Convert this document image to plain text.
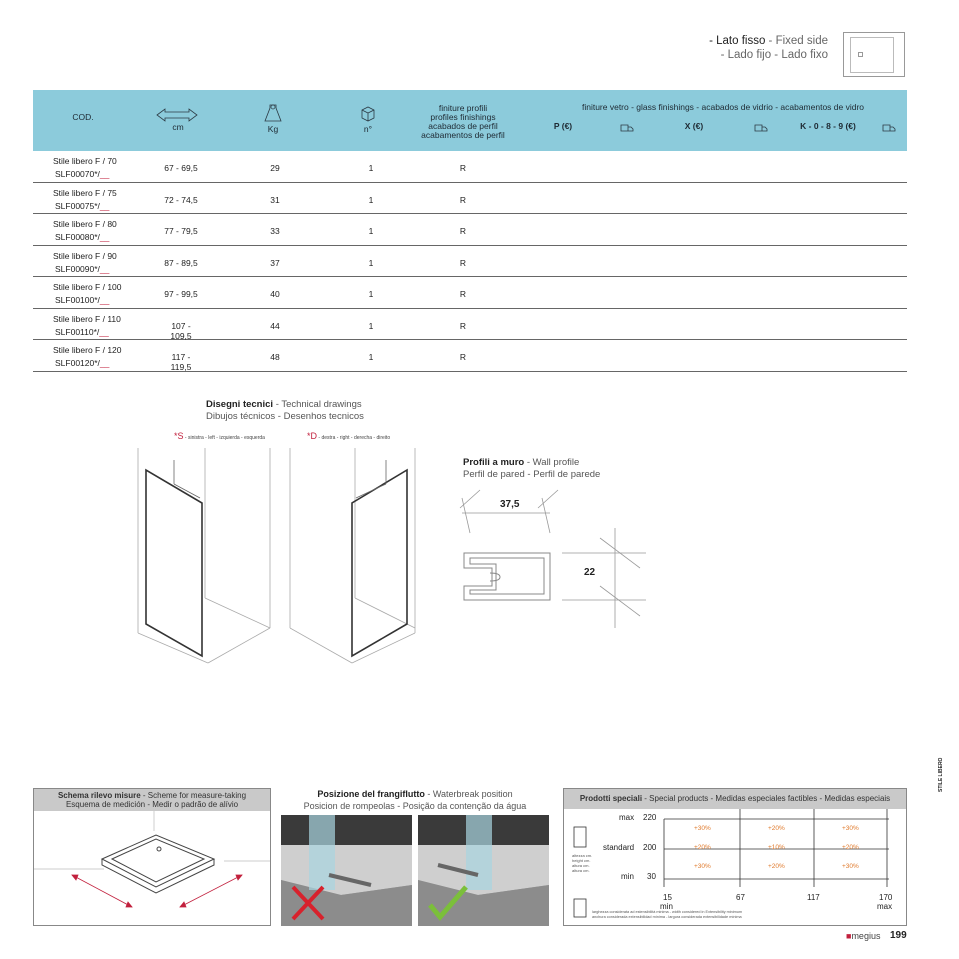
- Lato fisso - Fixed side
- Lado fijo - Lado fixo
COD.
cm	Kg	n°
finiture profili
profiles finishings
acabados de perfil
acabamentos de perfil
finiture vetro - glass finishings - acabados de vidrio - acabamentos de vidro
P (€)	X (€)	K - 0 - 8 - 9 (€)
Stile libero F / 70
SLF00070*/__
67 - 69,5	29	1	R
Stile libero F / 75
SLF00075*/__
72 - 74,5	31	1	R
Stile libero F / 80
SLF00080*/__
77 - 79,5	33	1	R
Stile libero F / 90
SLF00090*/__
87 - 89,5	37	1	R
Stile libero F / 100
SLF00100*/__
97 - 99,5	40	1	R
Stile libero F / 110
SLF00110*/__
107 - 109,5
44	1	R
Stile libero F / 120
SLF00120*/__
117 - 119,5
48	1	R
Disegni tecnici - Technical drawings
Dibujos técnicos - Desenhos tecnicos
*S - sinistra - left - izquierda - esquerda	*D - destra - right - derecha - direito
Profili a muro - Wall profile
Perfil de pared - Perfil de parede
37,5
22
Schema rilevo misure - Scheme for measure-taking
Esquema de medición - Medir o padrão de alívio
Posizione del frangiflutto - Waterbreak position
Posicion de rompeolas - Posição da contenção da água
Prodotti speciali - Special products - Medidas especiales factibles - Medidas especiais
max 220
standard 200
min 30
altezza cm.
height cm.
altura cm.
altura cm.
+30%	+20%	+30%
+20%	+10%	+20%
+30%	+20%	+30%
15
min
67	117	170
max
larghezza considerata ad estensibilità minima - width considered in Extensibility minimum
anchura considerada extensibilidad mínima - largura considerada extensibilidade mínima
STILE LIBERO
■megius 199
